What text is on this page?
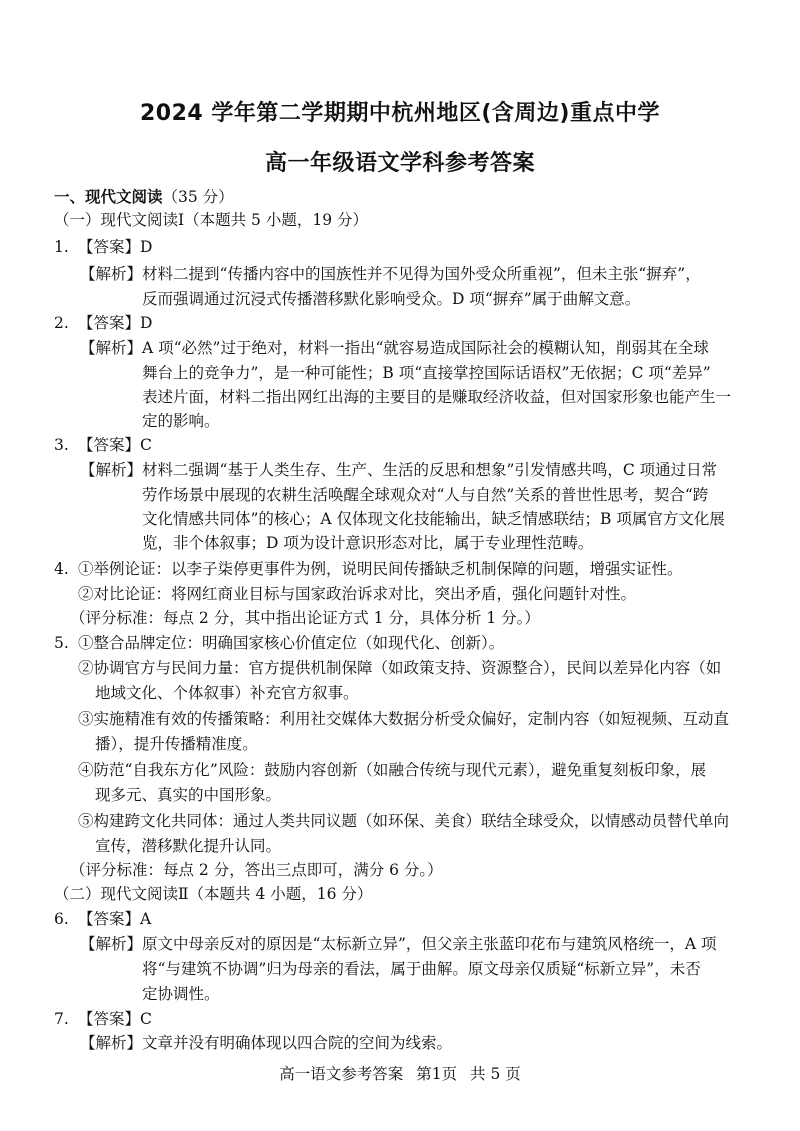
2024 学年第二学期期中杭州地区(含周边)重点中学
高一年级语文学科参考答案
一、现代文阅读（35 分）
（一）现代文阅读Ⅰ（本题共 5 小题，19 分）
1. 【答案】D
【解析】材料二提到“传播内容中的国族性并不见得为国外受众所重视”，但未主张“摒弃”，
反而强调通过沉浸式传播潜移默化影响受众。D 项“摒弃”属于曲解文意。
2. 【答案】D
【解析】A 项“必然”过于绝对，材料一指出“就容易造成国际社会的模糊认知，削弱其在全球
舞台上的竞争力”，是一种可能性；B 项“直接掌控国际话语权”无依据；C 项“差异”
表述片面，材料二指出网红出海的主要目的是赚取经济收益，但对国家形象也能产生一
定的影响。
3. 【答案】C
【解析】材料二强调“基于人类生存、生产、生活的反思和想象”引发情感共鸣，C 项通过日常
劳作场景中展现的农耕生活唤醒全球观众对“人与自然”关系的普世性思考，契合“跨
文化情感共同体”的核心；A 仅体现文化技能输出，缺乏情感联结；B 项属官方文化展
览，非个体叙事；D 项为设计意识形态对比，属于专业理性范畴。
4. ①举例论证：以李子柒停更事件为例，说明民间传播缺乏机制保障的问题，增强实证性。
②对比论证：将网红商业目标与国家政治诉求对比，突出矛盾，强化问题针对性。
（评分标准：每点 2 分，其中指出论证方式 1 分，具体分析 1 分。）
5. ①整合品牌定位：明确国家核心价值定位（如现代化、创新）。
②协调官方与民间力量：官方提供机制保障（如政策支持、资源整合），民间以差异化内容（如
地域文化、个体叙事）补充官方叙事。
③实施精准有效的传播策略：利用社交媒体大数据分析受众偏好，定制内容（如短视频、互动直
播），提升传播精准度。
④防范“自我东方化”风险：鼓励内容创新（如融合传统与现代元素），避免重复刻板印象，展
现多元、真实的中国形象。
⑤构建跨文化共同体：通过人类共同议题（如环保、美食）联结全球受众，以情感动员替代单向
宣传，潜移默化提升认同。
（评分标准：每点 2 分，答出三点即可，满分 6 分。）
（二）现代文阅读Ⅱ（本题共 4 小题，16 分）
6. 【答案】A
【解析】原文中母亲反对的原因是“太标新立异”，但父亲主张蓝印花布与建筑风格统一，A 项
将“与建筑不协调”归为母亲的看法，属于曲解。原文母亲仅质疑“标新立异”，未否
定协调性。
7. 【答案】C
【解析】文章并没有明确体现以四合院的空间为线索。
高一语文参考答案 第1页 共 5 页
